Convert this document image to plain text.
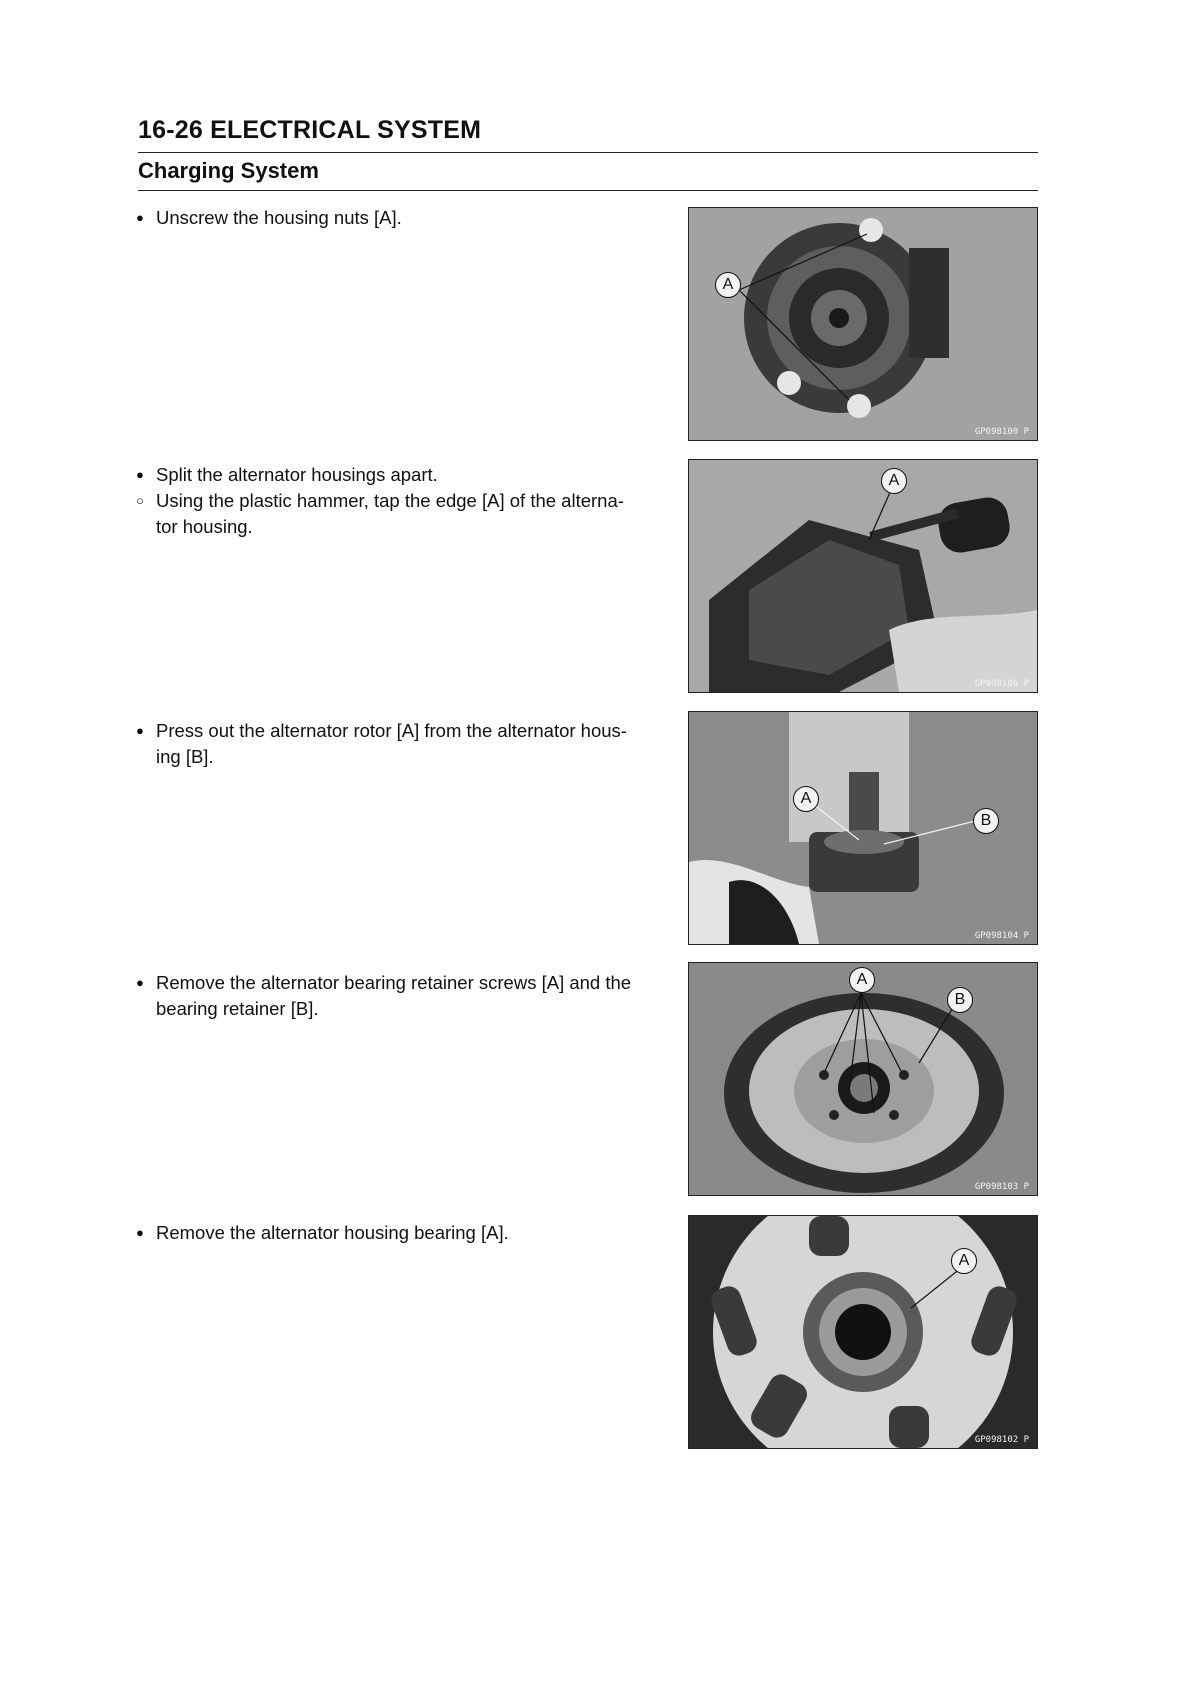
16-26 ELECTRICAL SYSTEM
Charging System

● Unscrew the housing nuts [A].

A
GP098100 P

● Split the alternator housings apart.

○ Using the plastic hammer, tap the edge [A] of the alterna-

tor housing.

A
GP098106 P

● Press out the alternator rotor [A] from the alternator hous-

ing [B].

A
B
GP098104 P

● Remove the alternator bearing retainer screws [A] and the

bearing retainer [B].

A
B
GP098103 P

● Remove the alternator housing bearing [A].

A
GP098102 P
